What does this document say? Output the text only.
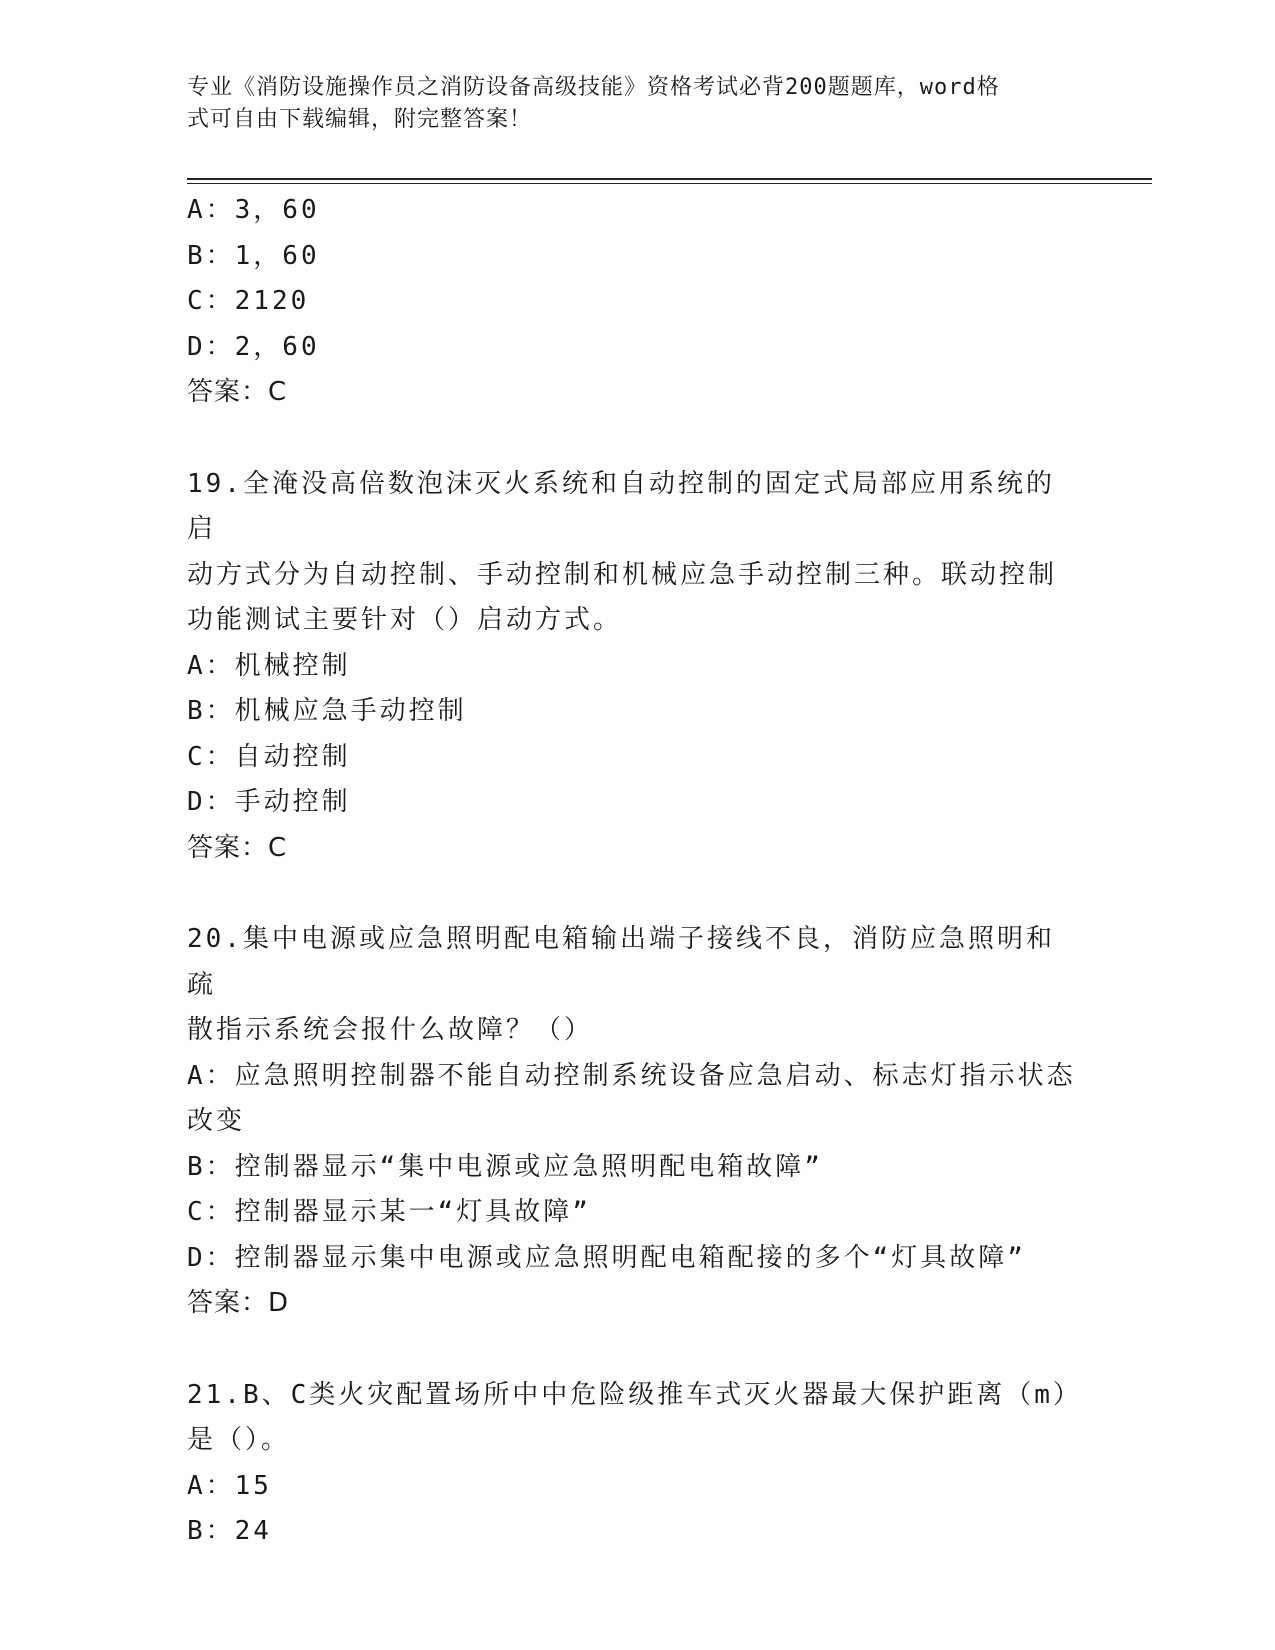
专业《消防设施操作员之消防设备高级技能》资格考试必背200题题库，word格
式可自由下载编辑，附完整答案！
A：3，60
B：1，60
C：2120
D：2，60
答案：C
19.全淹没高倍数泡沫灭火系统和自动控制的固定式局部应用系统的启
动方式分为自动控制、手动控制和机械应急手动控制三种。联动控制
功能测试主要针对（）启动方式。
A：机械控制
B：机械应急手动控制
C：自动控制
D：手动控制
答案：C
20.集中电源或应急照明配电箱输出端子接线不良，消防应急照明和疏
散指示系统会报什么故障？（）
A：应急照明控制器不能自动控制系统设备应急启动、标志灯指示状态
改变
B：控制器显示“集中电源或应急照明配电箱故障”
C：控制器显示某一“灯具故障”
D：控制器显示集中电源或应急照明配电箱配接的多个“灯具故障”
答案：D
21.B、C类火灾配置场所中中危险级推车式灭火器最大保护距离（m）
是（）。
A：15
B：24
